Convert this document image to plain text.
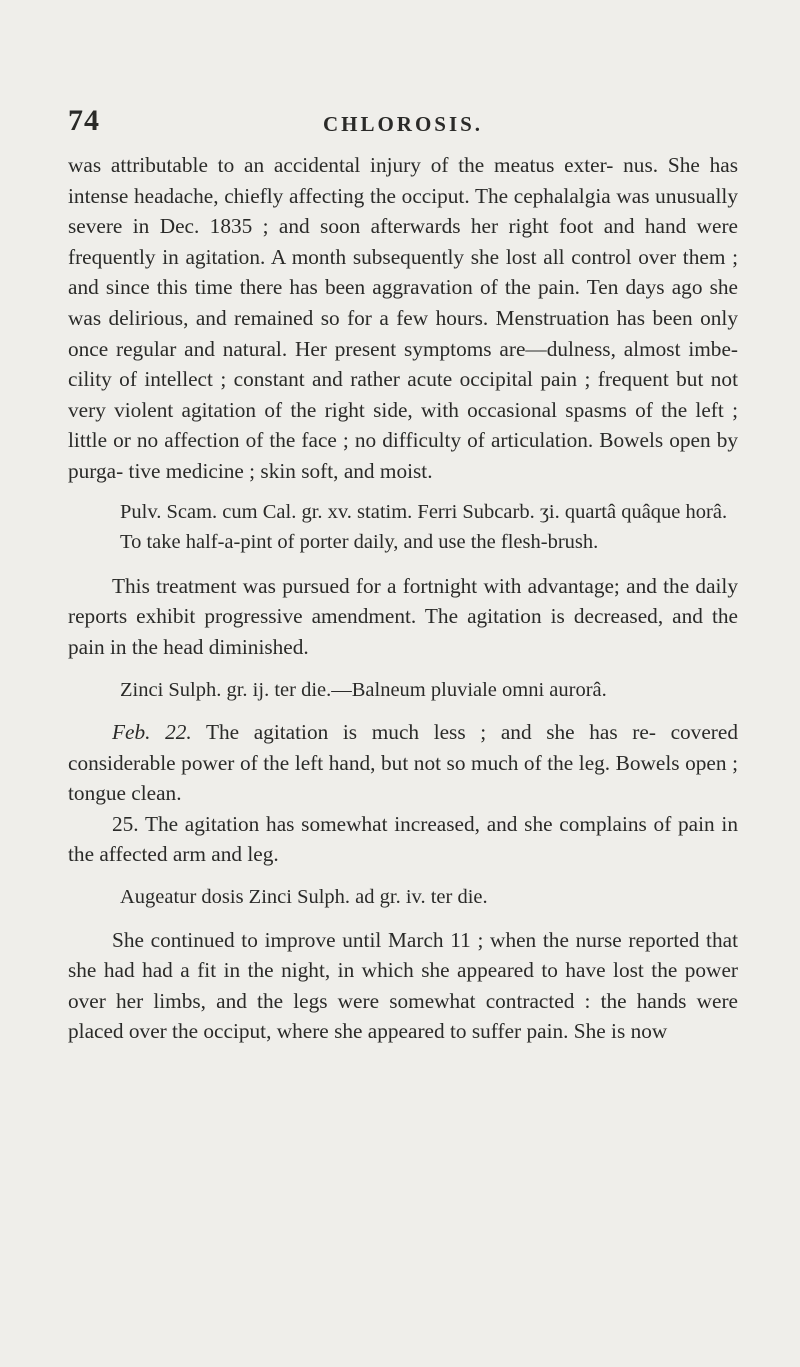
74	CHLOROSIS.

was attributable to an accidental injury of the meatus exter- nus. She has intense headache, chiefly affecting the occiput. The cephalalgia was unusually severe in Dec. 1835 ; and soon afterwards her right foot and hand were frequently in agitation. A month subsequently she lost all control over them ; and since this time there has been aggravation of the pain. Ten days ago she was delirious, and remained so for a few hours. Menstruation has been only once regular and natural. Her present symptoms are—dulness, almost imbe- cility of intellect ; constant and rather acute occipital pain ; frequent but not very violent agitation of the right side, with occasional spasms of the left ; little or no affection of the face ; no difficulty of articulation. Bowels open by purga- tive medicine ; skin soft, and moist.

Pulv. Scam. cum Cal. gr. xv. statim. Ferri Subcarb. ʒi. quartâ quâque horâ.

To take half-a-pint of porter daily, and use the flesh-brush.

This treatment was pursued for a fortnight with advantage; and the daily reports exhibit progressive amendment. The agitation is decreased, and the pain in the head diminished.

Zinci Sulph. gr. ij. ter die.—Balneum pluviale omni aurorâ.

Feb. 22. The agitation is much less ; and she has re- covered considerable power of the left hand, but not so much of the leg. Bowels open ; tongue clean.

25. The agitation has somewhat increased, and she complains of pain in the affected arm and leg.

Augeatur dosis Zinci Sulph. ad gr. iv. ter die.

She continued to improve until March 11 ; when the nurse reported that she had had a fit in the night, in which she appeared to have lost the power over her limbs, and the legs were somewhat contracted : the hands were placed over the occiput, where she appeared to suffer pain. She is now
